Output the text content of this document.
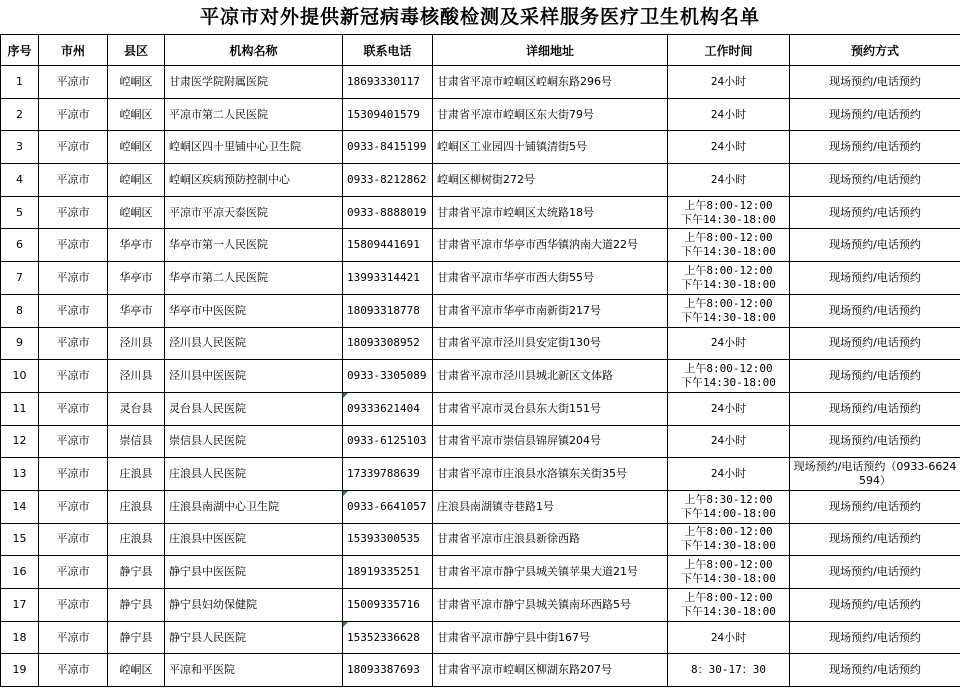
平凉市对外提供新冠病毒核酸检测及采样服务医疗卫生机构名单
序号	市州	县区	机构名称	联系电话	详细地址	工作时间	预约方式
1	平凉市	崆峒区	甘肃医学院附属医院	18693330117	甘肃省平凉市崆峒区崆峒东路296号	24小时	现场预约/电话预约
2	平凉市	崆峒区	平凉市第二人民医院	15309401579	甘肃省平凉市崆峒区东大街79号	24小时	现场预约/电话预约
3	平凉市	崆峒区	崆峒区四十里铺中心卫生院	0933-8415199	崆峒区工业园四十铺镇清街5号	24小时	现场预约/电话预约
4	平凉市	崆峒区	崆峒区疾病预防控制中心	0933-8212862	崆峒区柳树街272号	24小时	现场预约/电话预约
5	平凉市	崆峒区	平凉市平凉天泰医院	0933-8888019	甘肃省平凉市崆峒区太统路18号	上午8:00-12:00
下午14:30-18:00	现场预约/电话预约
6	平凉市	华亭市	华亭市第一人民医院	15809441691	甘肃省平凉市华亭市西华镇汭南大道22号	上午8:00-12:00
下午14:30-18:00	现场预约/电话预约
7	平凉市	华亭市	华亭市第二人民医院	13993314421	甘肃省平凉市华亭市西大街55号	上午8:00-12:00
下午14:30-18:00	现场预约/电话预约
8	平凉市	华亭市	华亭市中医医院	18093318778	甘肃省平凉市华亭市南新街217号	上午8:00-12:00
下午14:30-18:00	现场预约/电话预约
9	平凉市	泾川县	泾川县人民医院	18093308952	甘肃省平凉市泾川县安定街130号	24小时	现场预约/电话预约
10	平凉市	泾川县	泾川县中医医院	0933-3305089	甘肃省平凉市泾川县城北新区文体路	上午8:00-12:00
下午14:30-18:00	现场预约/电话预约
11	平凉市	灵台县	灵台县人民医院	09333621404	甘肃省平凉市灵台县东大街151号	24小时	现场预约/电话预约
12	平凉市	崇信县	崇信县人民医院	0933-6125103	甘肃省平凉市崇信县锦屏镇204号	24小时	现场预约/电话预约
13	平凉市	庄浪县	庄浪县人民医院	17339788639	甘肃省平凉市庄浪县水洛镇东关街35号	24小时	现场预约/电话预约（0933-6624594）
14	平凉市	庄浪县	庄浪县南湖中心卫生院	0933-6641057	庄浪县南湖镇寺巷路1号	上午8:30-12:00
下午14:00-18:00	现场预约/电话预约
15	平凉市	庄浪县	庄浪县中医医院	15393300535	甘肃省平凉市庄浪县新徐西路	上午8:00-12:00
下午14:30-18:00	现场预约/电话预约
16	平凉市	静宁县	静宁县中医医院	18919335251	甘肃省平凉市静宁县城关镇苹果大道21号	上午8:00-12:00
下午14:30-18:00	现场预约/电话预约
17	平凉市	静宁县	静宁县妇幼保健院	15009335716	甘肃省平凉市静宁县城关镇南环西路5号	上午8:00-12:00
下午14:30-18:00	现场预约/电话预约
18	平凉市	静宁县	静宁县人民医院	15352336628	甘肃省平凉市静宁县中街167号	24小时	现场预约/电话预约
19	平凉市	崆峒区	平凉和平医院	18093387693	甘肃省平凉市崆峒区柳湖东路207号	8：30-17：30	现场预约/电话预约
